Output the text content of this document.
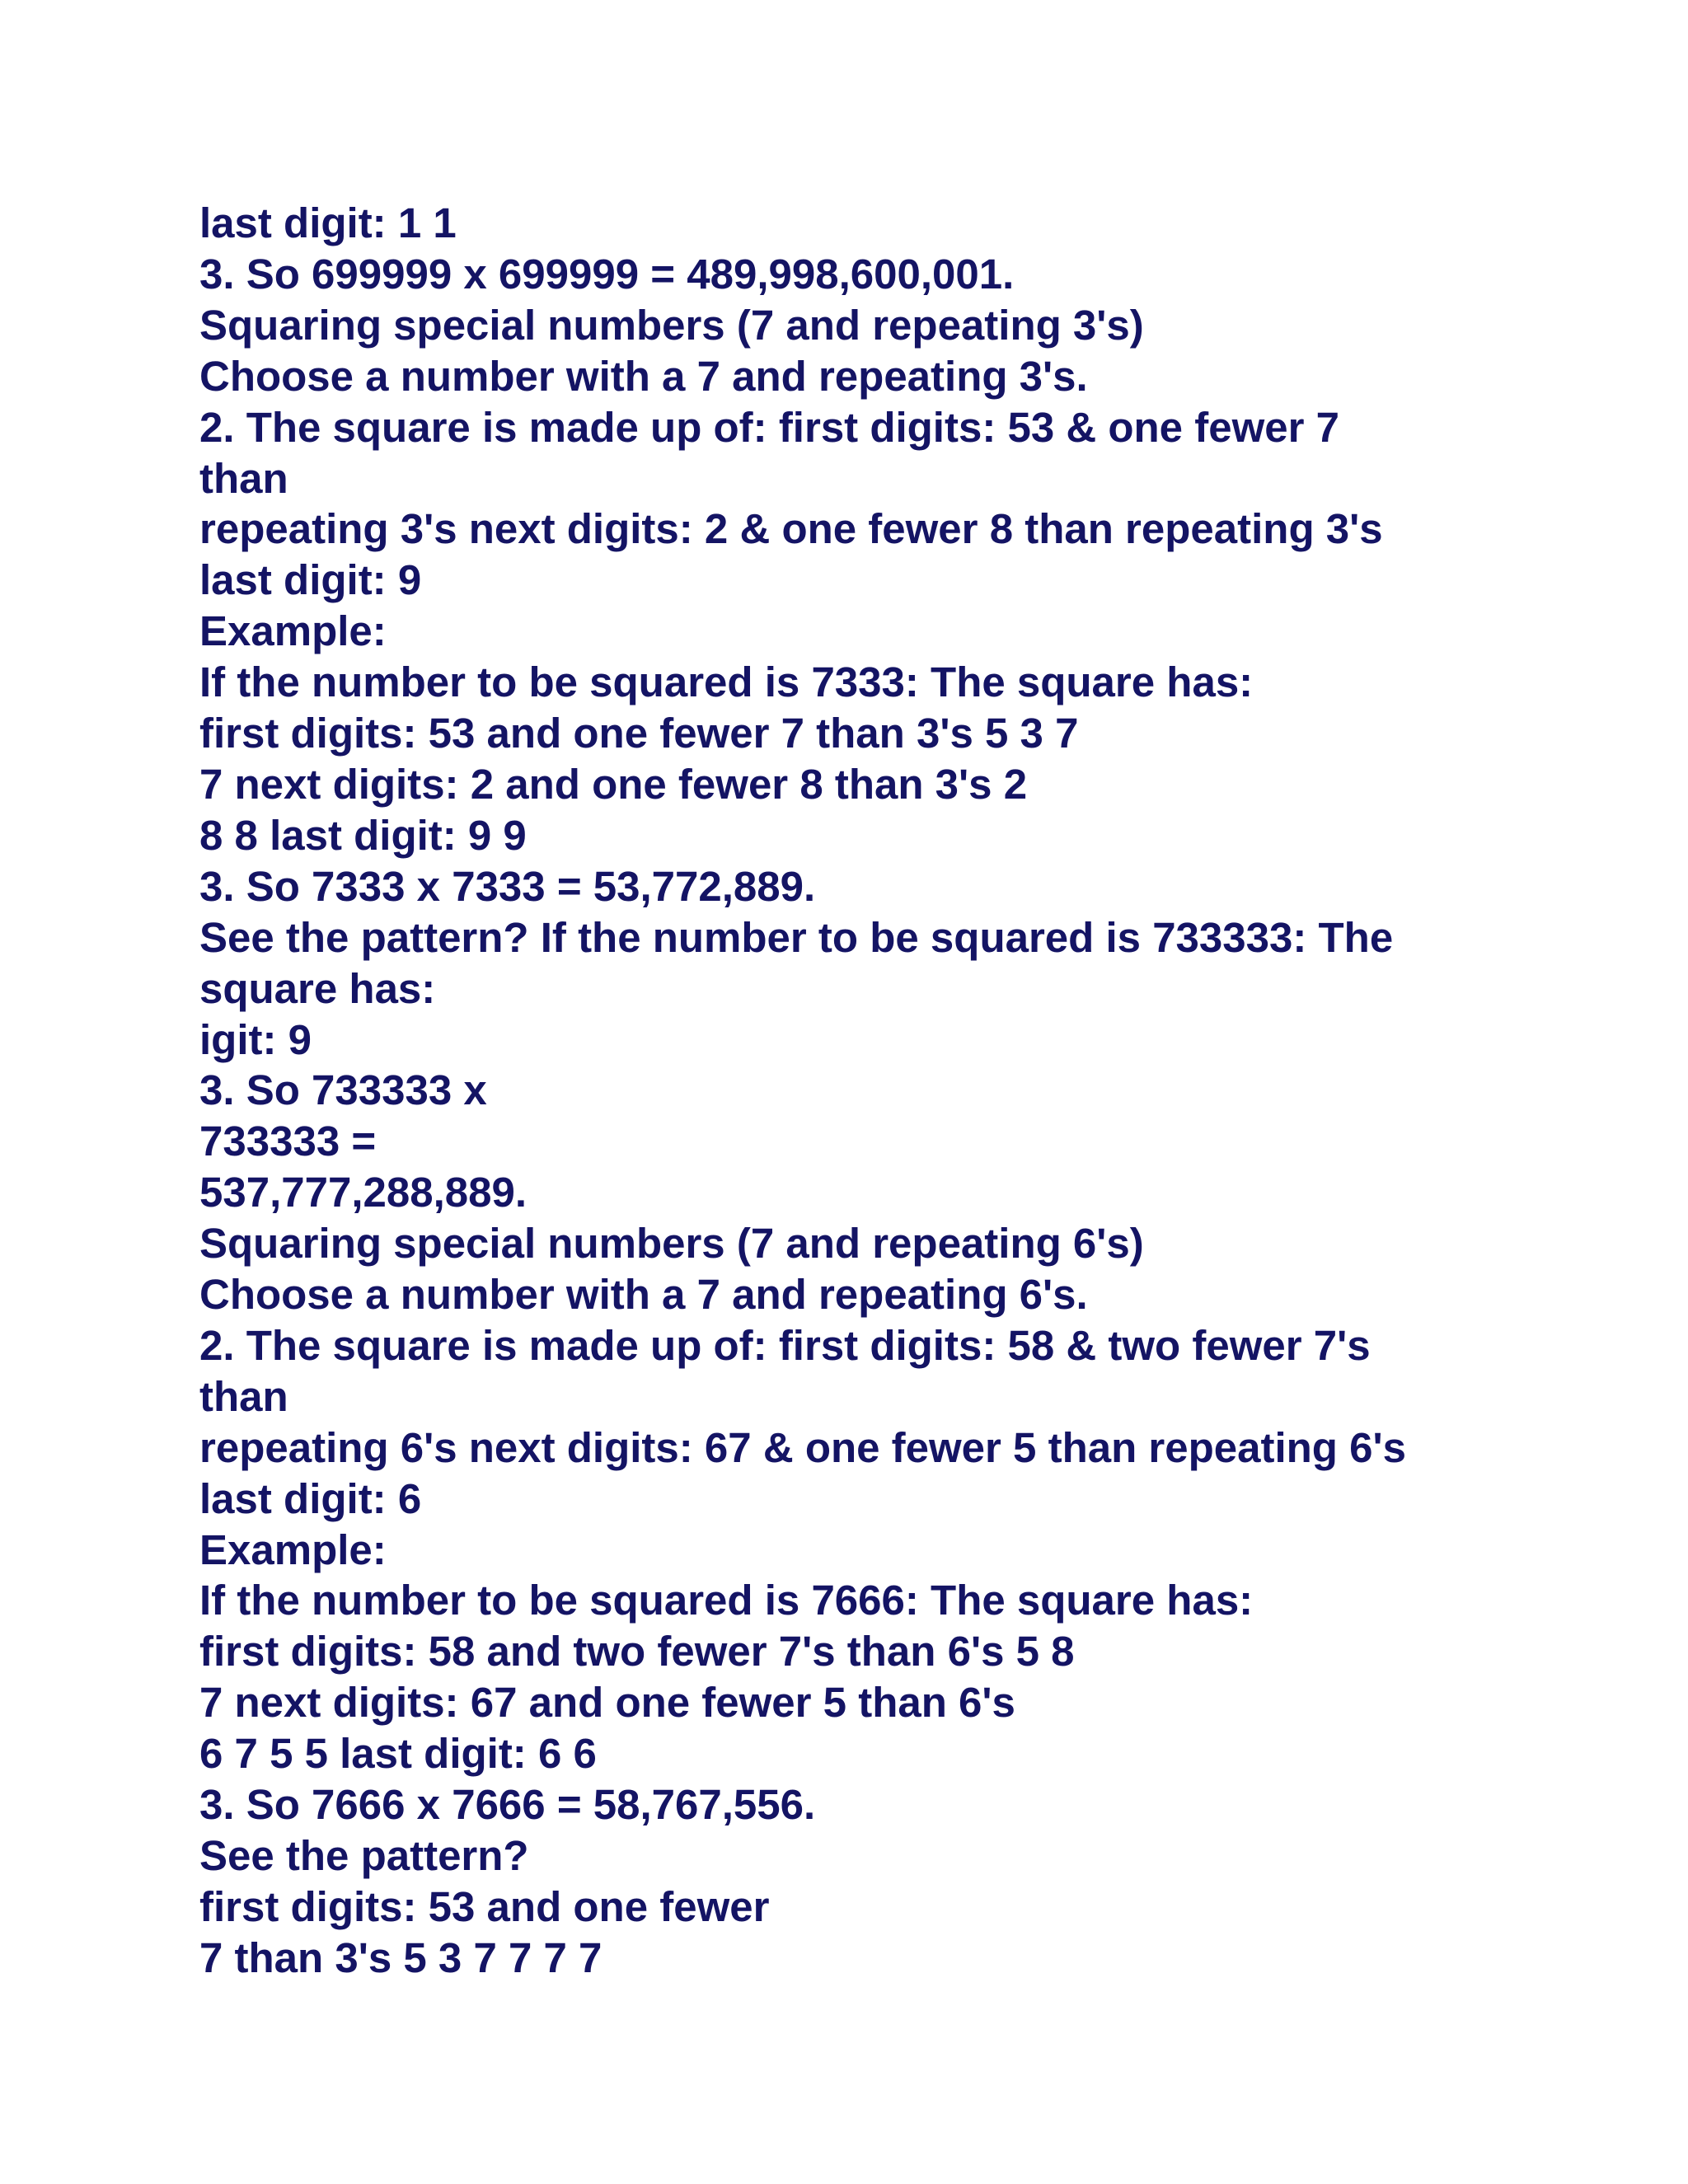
last digit: 1 1

3. So 699999 x 699999 = 489,998,600,001.

Squaring special numbers (7 and repeating 3's)

Choose a number with a 7 and repeating 3's.

2. The square is made up of: first digits: 53 & one fewer 7

than

repeating 3's next digits: 2 & one fewer 8 than repeating 3's

last digit: 9

Example:

If the number to be squared is 7333: The square has:

first digits: 53 and one fewer 7 than 3's 5 3 7

7 next digits: 2 and one fewer 8 than 3's 2

8 8 last digit: 9 9

3. So 7333 x 7333 = 53,772,889.

See the pattern? If the number to be squared is 733333: The

square has:

igit: 9

3. So 733333 x

733333 =

537,777,288,889.

Squaring special numbers (7 and repeating 6's)

Choose a number with a 7 and repeating 6's.

2. The square is made up of: first digits: 58 & two fewer 7's

than

repeating 6's next digits: 67 & one fewer 5 than repeating 6's

last digit: 6

Example:

If the number to be squared is 7666: The square has:

first digits: 58 and two fewer 7's than 6's 5 8

7 next digits: 67 and one fewer 5 than 6's

6 7 5 5 last digit: 6 6

3. So 7666 x 7666 = 58,767,556.

See the pattern?

first digits: 53 and one fewer

7 than 3's 5 3 7 7 7 7
